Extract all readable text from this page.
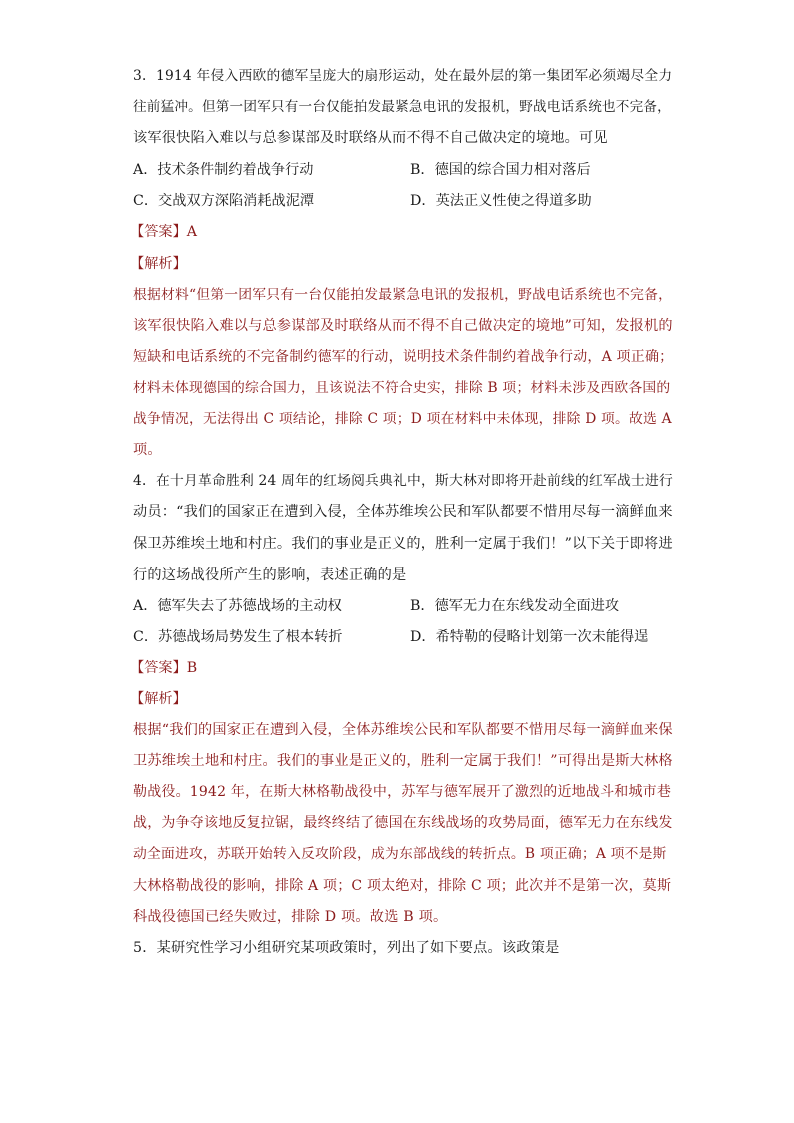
3．1914 年侵入西欧的德军呈庞大的扇形运动，处在最外层的第一集团军必须竭尽全力
往前猛冲。但第一团军只有一台仅能拍发最紧急电讯的发报机，野战电话系统也不完备，
该军很快陷入难以与总参谋部及时联络从而不得不自己做决定的境地。可见
A．技术条件制约着战争行动	B．德国的综合国力相对落后
C．交战双方深陷消耗战泥潭	D．英法正义性使之得道多助
【答案】A
【解析】
根据材料“但第一团军只有一台仅能拍发最紧急电讯的发报机，野战电话系统也不完备，
该军很快陷入难以与总参谋部及时联络从而不得不自己做决定的境地”可知，发报机的
短缺和电话系统的不完备制约德军的行动，说明技术条件制约着战争行动，A 项正确；
材料未体现德国的综合国力，且该说法不符合史实，排除 B 项；材料未涉及西欧各国的
战争情况，无法得出 C 项结论，排除 C 项；D 项在材料中未体现，排除 D 项。故选 A
项。
4．在十月革命胜利 24 周年的红场阅兵典礼中，斯大林对即将开赴前线的红军战士进行
动员：“我们的国家正在遭到入侵，全体苏维埃公民和军队都要不惜用尽每一滴鲜血来
保卫苏维埃土地和村庄。我们的事业是正义的，胜利一定属于我们！”以下关于即将进
行的这场战役所产生的影响，表述正确的是
A．德军失去了苏德战场的主动权	B．德军无力在东线发动全面进攻
C．苏德战场局势发生了根本转折	D．希特勒的侵略计划第一次未能得逞
【答案】B
【解析】
根据“我们的国家正在遭到入侵，全体苏维埃公民和军队都要不惜用尽每一滴鲜血来保
卫苏维埃土地和村庄。我们的事业是正义的，胜利一定属于我们！”可得出是斯大林格
勒战役。1942 年，在斯大林格勒战役中，苏军与德军展开了激烈的近地战斗和城市巷
战，为争夺该地反复拉锯，最终终结了德国在东线战场的攻势局面，德军无力在东线发
动全面进攻，苏联开始转入反攻阶段，成为东部战线的转折点。B 项正确；A 项不是斯
大林格勒战役的影响，排除 A 项；C 项太绝对，排除 C 项；此次并不是第一次，莫斯
科战役德国已经失败过，排除 D 项。故选 B 项。
5．某研究性学习小组研究某项政策时，列出了如下要点。该政策是
